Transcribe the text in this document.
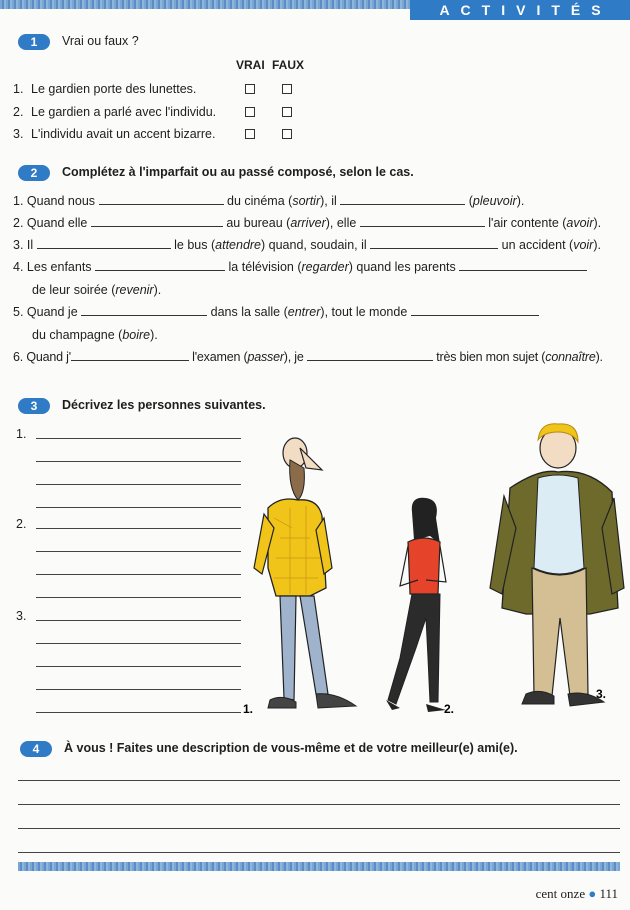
ACTIVITÉS
1	Vrai ou faux ?
VRAI FAUX
1. Le gardien porte des lunettes.
2. Le gardien a parlé avec l'individu.
3. L'individu avait un accent bizarre.
2	Complétez à l'imparfait ou au passé composé, selon le cas.
1. Quand nous	du cinéma (sortir), il	(pleuvoir).
2. Quand elle	au bureau (arriver), elle	l'air contente (avoir).
3. Il	le bus (attendre) quand, soudain, il	un accident (voir).
4. Les enfants	la télévision (regarder) quand les parents
de leur soirée (revenir).
5. Quand je	dans la salle (entrer), tout le monde
du champagne (boire).
6. Quand j'	l'examen (passer), je	très bien mon sujet (connaître).
3	Décrivez les personnes suivantes.
1.
2.
3.
1.	2.
3.
4	À vous ! Faites une description de vous-même et de votre meilleur(e) ami(e).
cent onze ● 111
